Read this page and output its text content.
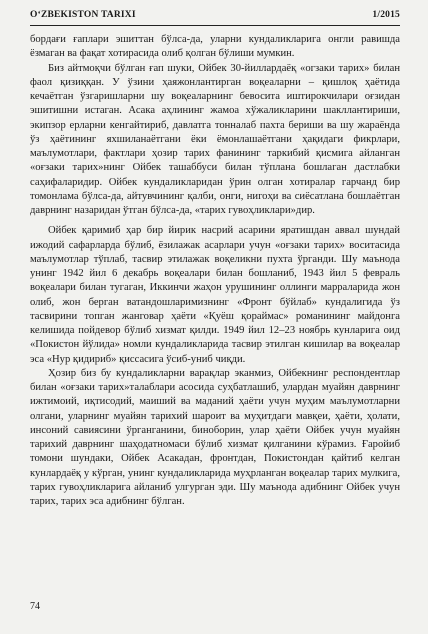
O‘ZBEKISTON TARIXI	1/2015

бордағи ғаплари эшиттан бўлса-да, уларни кундаликларига онгли равишда ёзмаган ва фақат хотирасида олиб қолган бўлиши мумкин.

Биз айтмоқчи бўлган ғап шуки, Ойбек 30-йиллардаёқ «огзаки тарих» билан фаол қизиққан. У ўзини ҳаяжонлантирган воқеаларни – қишлоқ ҳаётида кечаётган ўзгаришларни шу воқеаларнинг бевосита иштирокчилари оғзидан эшитишни истаган. Асака аҳлининг жамоа хўжаликларини шакллантириши, экипзор ерларни кенгайтириб, давлатга тонналаб пахта бериши ва шу жараёнда ўз ҳаётининг яхшиланаётгани ёки ёмонлашаётгани ҳақидаги фикрлари, маълумотлари, фактлари ҳозир тарих фанининг таркибий қисмига айланган «оғзаки тарих»нинг Ойбек ташаббуси билан тўпланa бошлаган дастлабки саҳифаларидир. Ойбек кундаликларидан ўрин олган хотиралар гарчанд бир томонлама бўлса-да, айтувчининг қалби, онги, нигоҳи ва сиёсатлана бошлаётган даврнинг назаридан ўтган бўлса-да, «тарих гувоҳликлари»дир.

Ойбек қаримиб ҳар бир йирик насрий асарини яратишдан аввал шундай ижодий сафарларда бўлиб, ёзилажак асарлари учун «оғзаки тарих» воситасида маълумотлар тўплаб, тасвир этилажак воқеликни пухта ўрганди. Шу маънода унинг 1942 йил 6 декабрь воқеалари билан бошланиб, 1943 йил 5 февраль воқеалари билан тугаган, Иккинчи жаҳон урушининг оллинги марраларида жон олиб, жон берган ватандошларимизнинг «Фронт бўйлаб» кундалигида ўз тасвирини топган жанговар ҳаёти «Қуёш қораймас» романининг майдонга келишида пойдевор бўлиб хизмат қилди. 1949 йил 12–23 ноябрь кунларига оид «Покистон йўлида» номли кундаликларида тасвир этилган кишилар ва воқеалар эса «Нур қидириб» қиссасига ўсиб-униб чиқди.

Ҳозир биз бу кундаликларни варақлар эканмиз, Ойбекнинг респондентлар билан «оғзаки тарих»талаблари асосида суҳбатлашиб, улардан муайян даврнинг ижтимоий, иқтисодий, маиший ва маданий ҳаёти учун муҳим маълумотларни олгани, уларнинг муайян тарихий шароит ва муҳитдаги мавқеи, ҳаёти, ҳолати, инсоний савиясини ўрганганини, биноборин, улар ҳаёти Ойбек учун муайян тарихий даврнинг шаҳодатномаси бўлиб хизмат қилганини кўрамиз. Ғаройиб томони шундаки, Ойбек Асакадан, фронтдан, Покистондан қайтиб келган кунлардаёқ у кўрган, унинг кундаликларида муҳрланган воқеалар тарих мулкига, тарих гувоҳликларига айланиб улгурган эди. Шу маънода адибнинг Ойбек учун тарих, тарих эса адибнинг бўлган.

74
